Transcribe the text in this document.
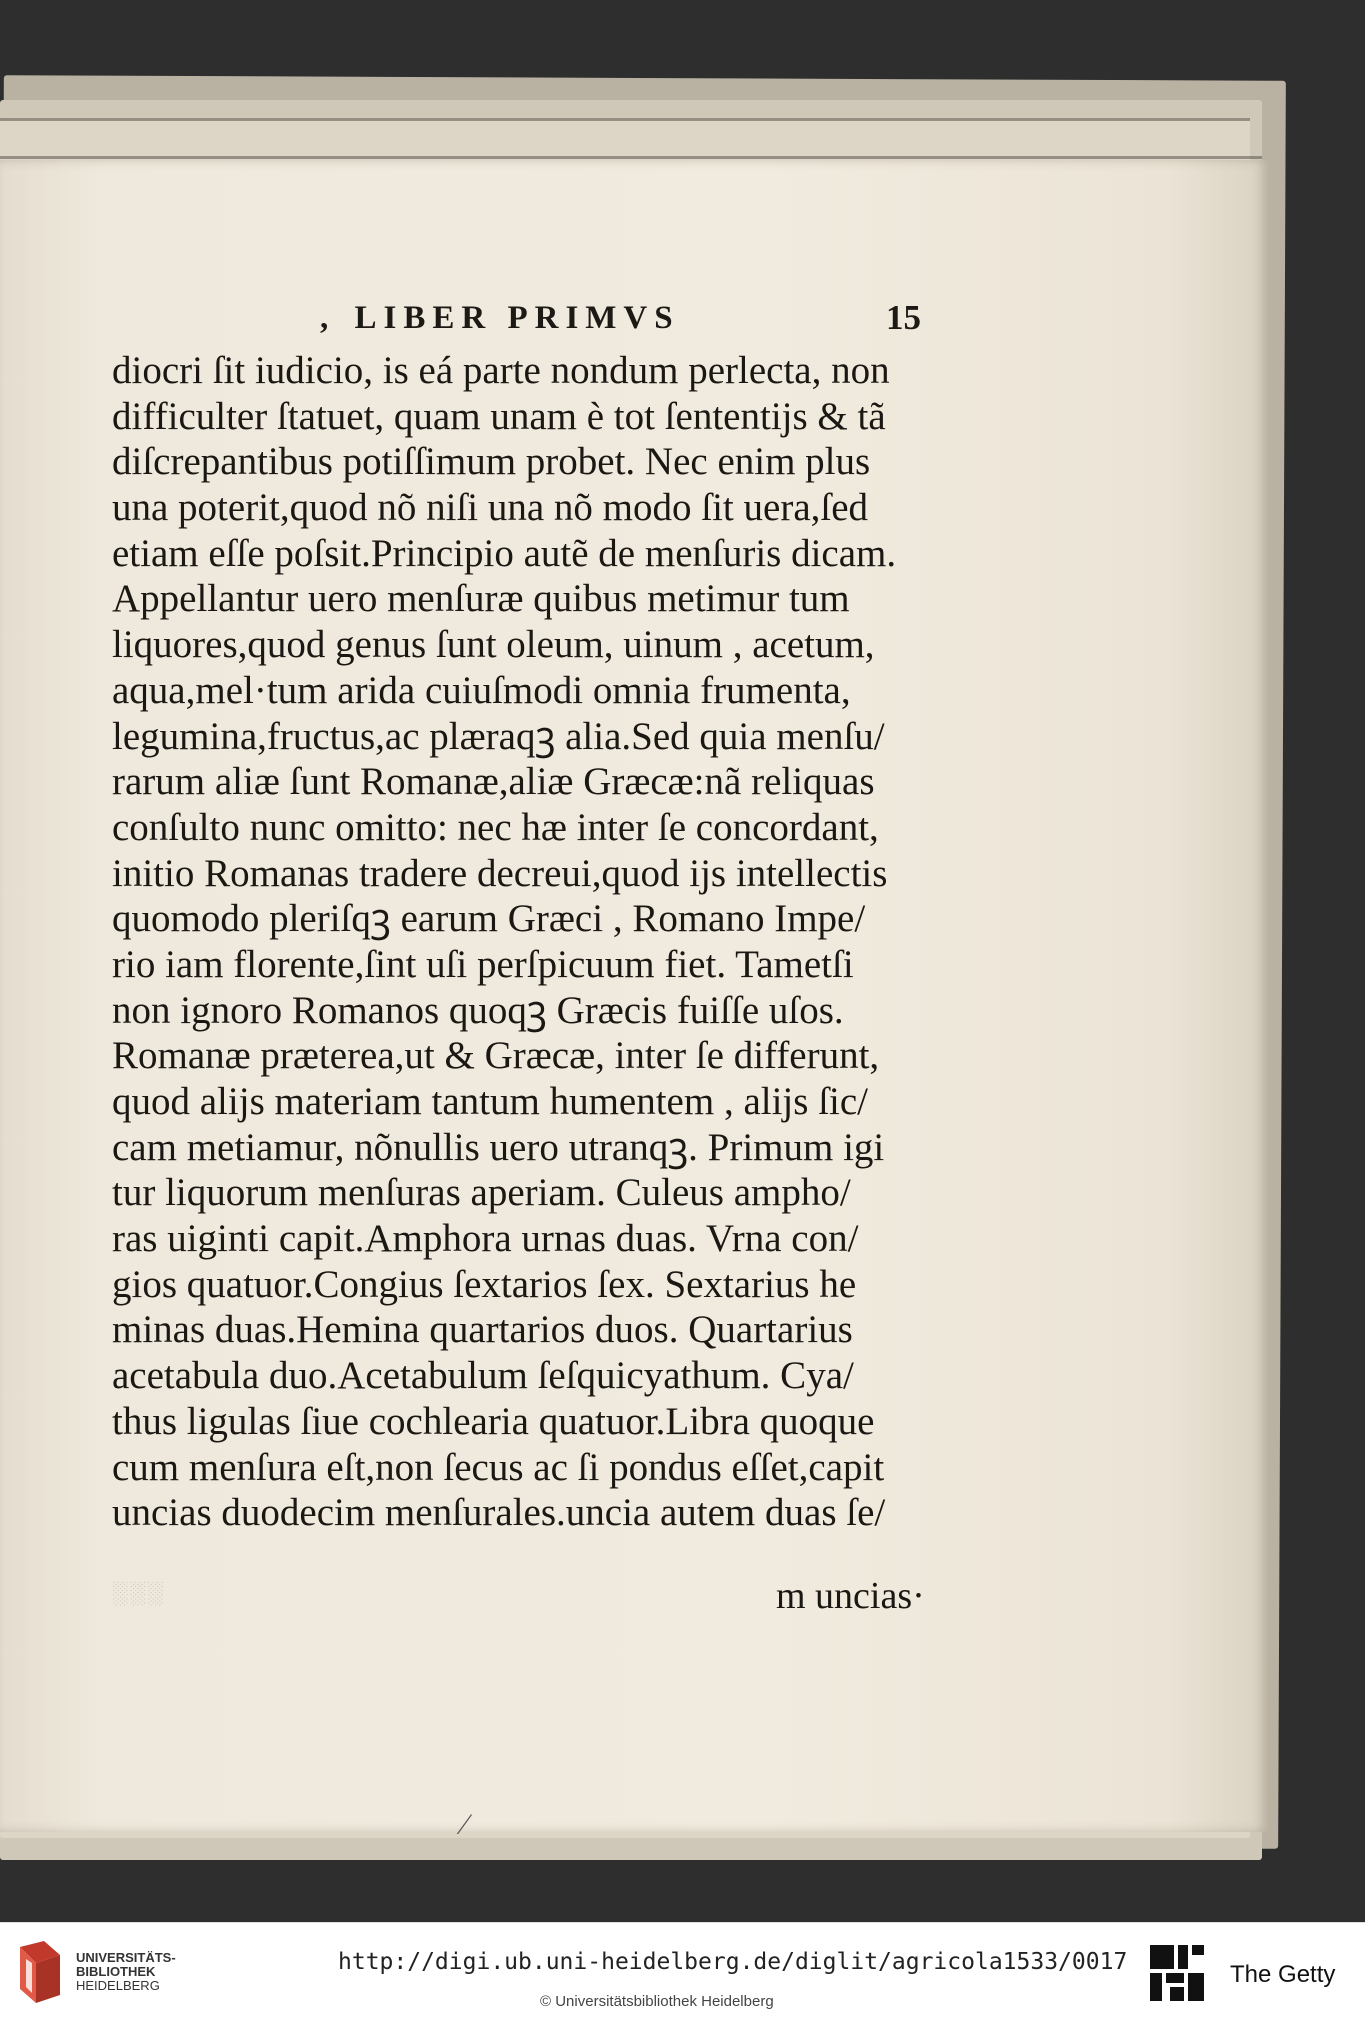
, LIBER PRIMVS	15
diocri ſit iudicio, is eá parte nondum perlecta, non
difficulter ſtatuet, quam unam è tot ſententijs & tã
diſcrepantibus potiſſimum probet. Nec enim plus
una poterit,quod nõ niſi una nõ modo ſit uera,ſed
etiam eſſe poſsit.Principio autẽ de menſuris dicam.
Appellantur uero menſuræ quibus metimur tum
liquores,quod genus ſunt oleum, uinum , acetum,
aqua,mel·tum arida cuiuſmodi omnia frumenta,
legumina,fructus,ac plæraqꝫ alia.Sed quia menſu/
rarum aliæ ſunt Romanæ,aliæ Græcæ:nã reliquas
conſulto nunc omitto: nec hæ inter ſe concordant,
initio Romanas tradere decreui,quod ijs intellectis
quomodo pleriſqꝫ earum Græci , Romano Impe/
rio iam florente,ſint uſi perſpicuum fiet. Tametſi
non ignoro Romanos quoqꝫ Græcis fuiſſe uſos.
Romanæ præterea,ut & Græcæ, inter ſe differunt,
quod alijs materiam tantum humentem , alijs ſic/
cam metiamur, nõnullis uero utranqꝫ. Primum igi
tur liquorum menſuras aperiam. Culeus ampho/
ras uiginti capit.Amphora urnas duas. Vrna con/
gios quatuor.Congius ſextarios ſex. Sextarius he
minas duas.Hemina quartarios duos. Quartarius
acetabula duo.Acetabulum ſeſquicyathum. Cya/
thus ligulas ſiue cochlearia quatuor.Libra quoque
cum menſura eſt,non ſecus ac ſi pondus eſſet,capit
uncias duodecim menſurales.uncia autem duas ſe/
m uncias·
░░░
⁄
UNIVERSITÄTS-
BIBLIOTHEK
HEIDELBERG
http://digi.ub.uni-heidelberg.de/diglit/agricola1533/0017
© Universitätsbibliothek Heidelberg
The Getty
